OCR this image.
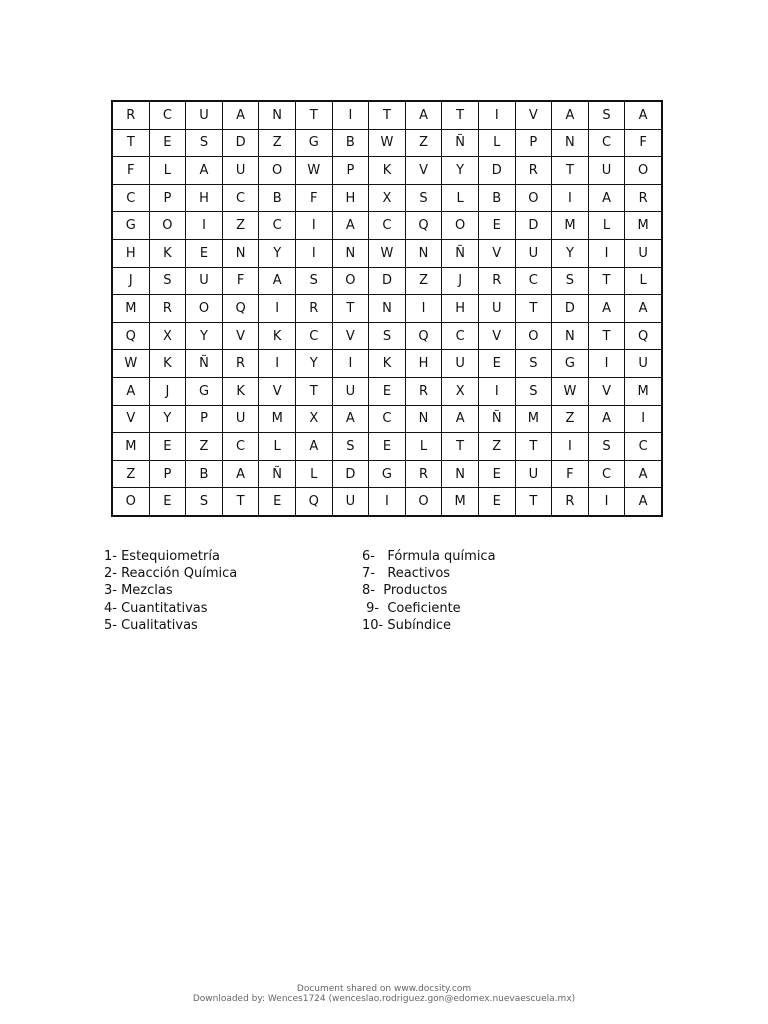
R	C	U	A	N	T	I	T	A	T	I	V	A	S	A
T	E	S	D	Z	G	B	W	Z	Ñ	L	P	N	C	F
F	L	A	U	O	W	P	K	V	Y	D	R	T	U	O
C	P	H	C	B	F	H	X	S	L	B	O	I	A	R
G	O	I	Z	C	I	A	C	Q	O	E	D	M	L	M
H	K	E	N	Y	I	N	W	N	Ñ	V	U	Y	I	U
J	S	U	F	A	S	O	D	Z	J	R	C	S	T	L
M	R	O	Q	I	R	T	N	I	H	U	T	D	A	A
Q	X	Y	V	K	C	V	S	Q	C	V	O	N	T	Q
W	K	Ñ	R	I	Y	I	K	H	U	E	S	G	I	U
A	J	G	K	V	T	U	E	R	X	I	S	W	V	M
V	Y	P	U	M	X	A	C	N	A	Ñ	M	Z	A	I
M	E	Z	C	L	A	S	E	L	T	Z	T	I	S	C
Z	P	B	A	Ñ	L	D	G	R	N	E	U	F	C	A
O	E	S	T	E	Q	U	I	O	M	E	T	R	I	A
1- Estequiometría
2- Reacción Química
3- Mezclas
4- Cuantitativas
5- Cualitativas
6-   Fórmula química
7-   Reactivos
8-  Productos
9-  Coeficiente
10- Subíndice
Document shared on www.docsity.com
Downloaded by: Wences1724 (wenceslao.rodriguez.gon@edomex.nuevaescuela.mx)
